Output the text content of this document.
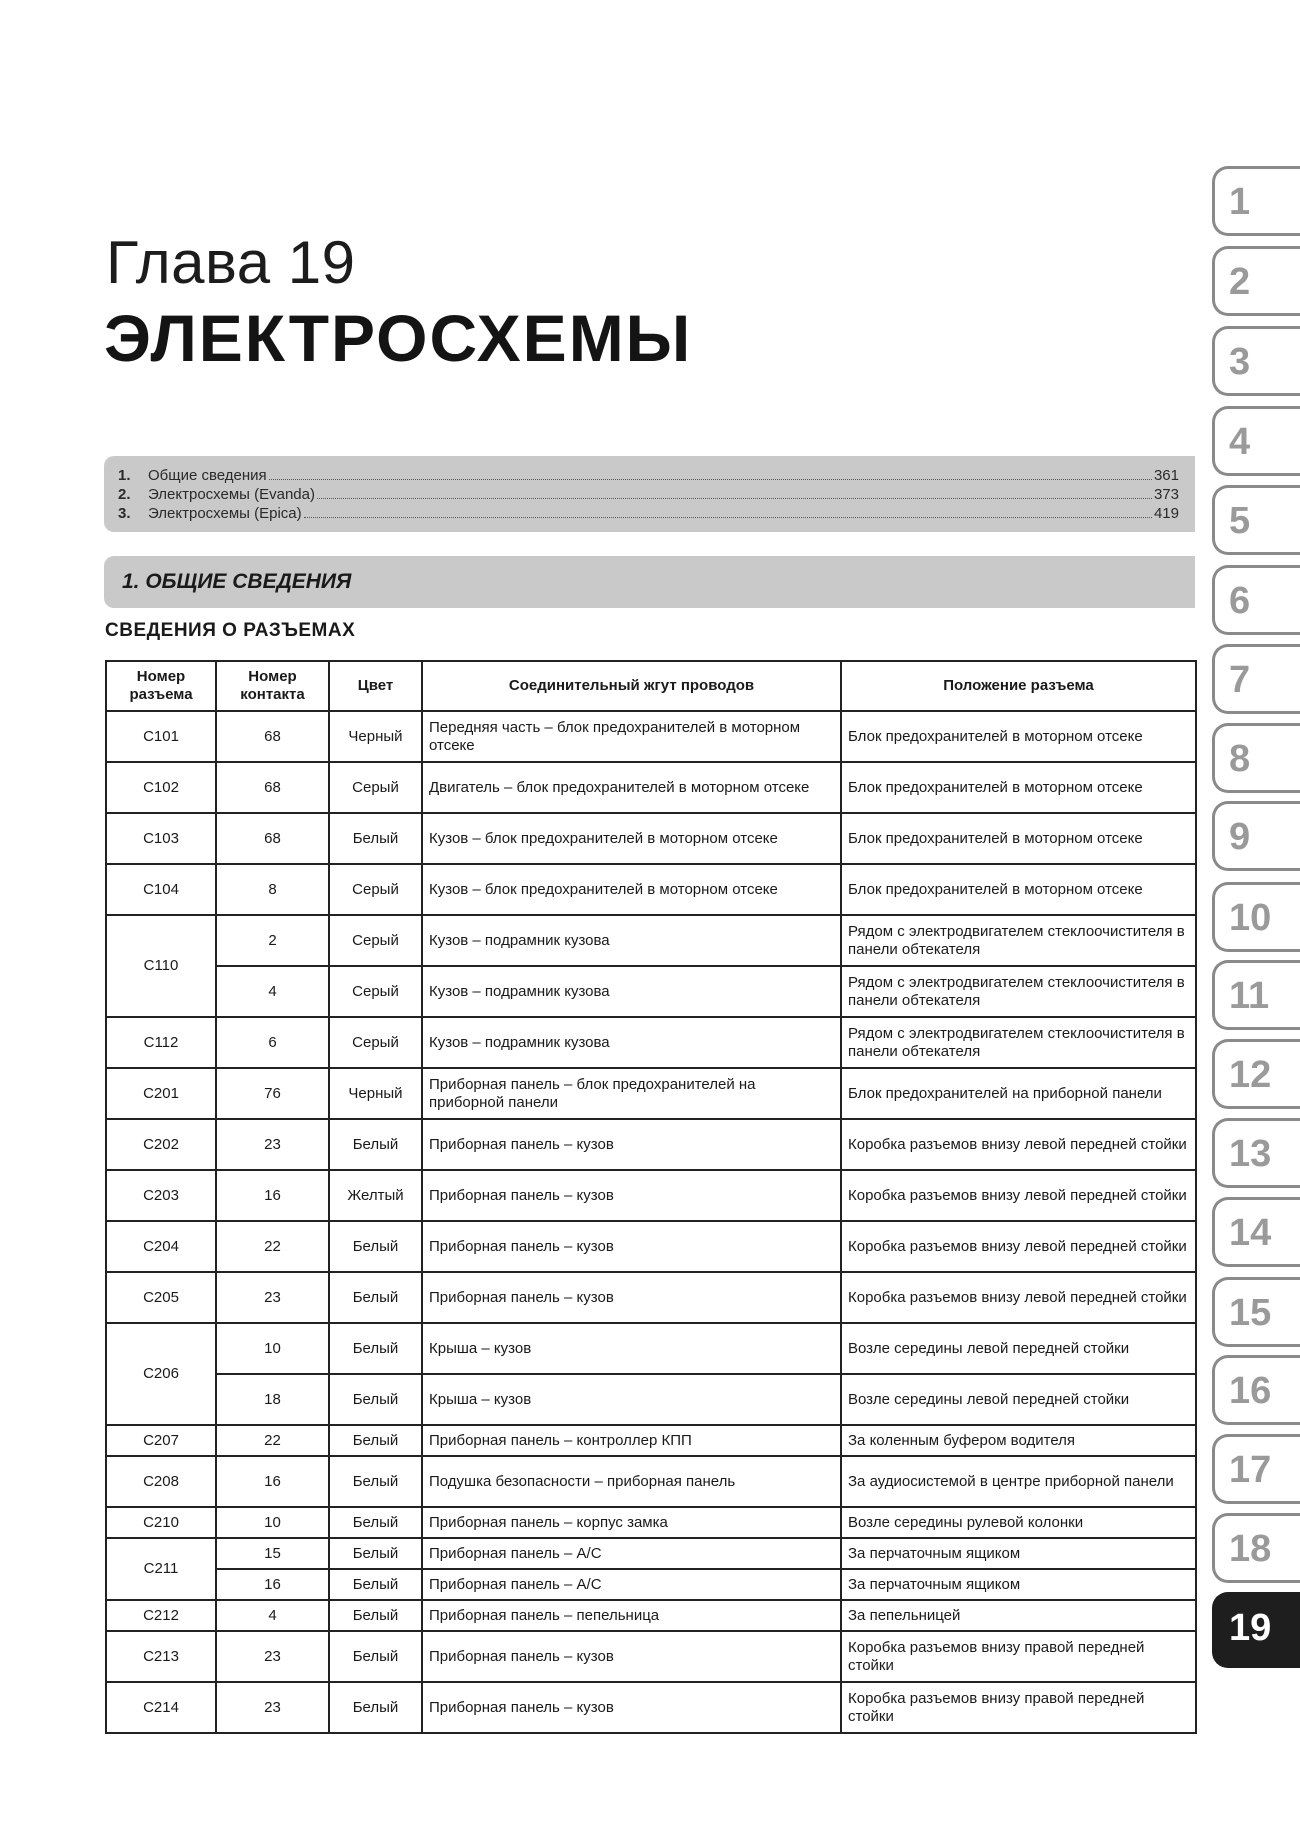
Глава 19
ЭЛЕКТРОСХЕМЫ
1.	Общие сведения	361
2.	Электросхемы (Evanda)	373
3.	Электросхемы (Epica)	419
1. ОБЩИЕ СВЕДЕНИЯ
СВЕДЕНИЯ О РАЗЪЕМАХ
Номер разъема	Номер контакта	Цвет	Соединительный жгут проводов	Положение разъема
C101	68	Черный	Передняя часть – блок предохранителей в моторном отсеке	Блок предохранителей в моторном отсеке
C102	68	Серый	Двигатель – блок предохранителей в моторном отсеке	Блок предохранителей в моторном отсеке
C103	68	Белый	Кузов – блок предохранителей в моторном отсеке	Блок предохранителей в моторном отсеке
C104	8	Серый	Кузов – блок предохранителей в моторном отсеке	Блок предохранителей в моторном отсеке
C110	2	Серый	Кузов – подрамник кузова	Рядом с электродвигателем стеклоочистителя в панели обтекателя
	4	Серый	Кузов – подрамник кузова	Рядом с электродвигателем стеклоочистителя в панели обтекателя
C112	6	Серый	Кузов – подрамник кузова	Рядом с электродвигателем стеклоочистителя в панели обтекателя
C201	76	Черный	Приборная панель – блок предохранителей на приборной панели	Блок предохранителей на приборной панели
C202	23	Белый	Приборная панель – кузов	Коробка разъемов внизу левой передней стойки
C203	16	Желтый	Приборная панель – кузов	Коробка разъемов внизу левой передней стойки
C204	22	Белый	Приборная панель – кузов	Коробка разъемов внизу левой передней стойки
C205	23	Белый	Приборная панель – кузов	Коробка разъемов внизу левой передней стойки
C206	10	Белый	Крыша – кузов	Возле середины левой передней стойки
	18	Белый	Крыша – кузов	Возле середины левой передней стойки
C207	22	Белый	Приборная панель – контроллер КПП	За коленным буфером водителя
C208	16	Белый	Подушка безопасности – приборная панель	За аудиосистемой в центре приборной панели
C210	10	Белый	Приборная панель – корпус замка	Возле середины рулевой колонки
C211	15	Белый	Приборная панель – A/C	За перчаточным ящиком
	16	Белый	Приборная панель – A/C	За перчаточным ящиком
C212	4	Белый	Приборная панель – пепельница	За пепельницей
C213	23	Белый	Приборная панель – кузов	Коробка разъемов внизу правой передней стойки
C214	23	Белый	Приборная панель – кузов	Коробка разъемов внизу правой передней стойки
1
2
3
4
5
6
7
8
9
10
11
12
13
14
15
16
17
18
19
